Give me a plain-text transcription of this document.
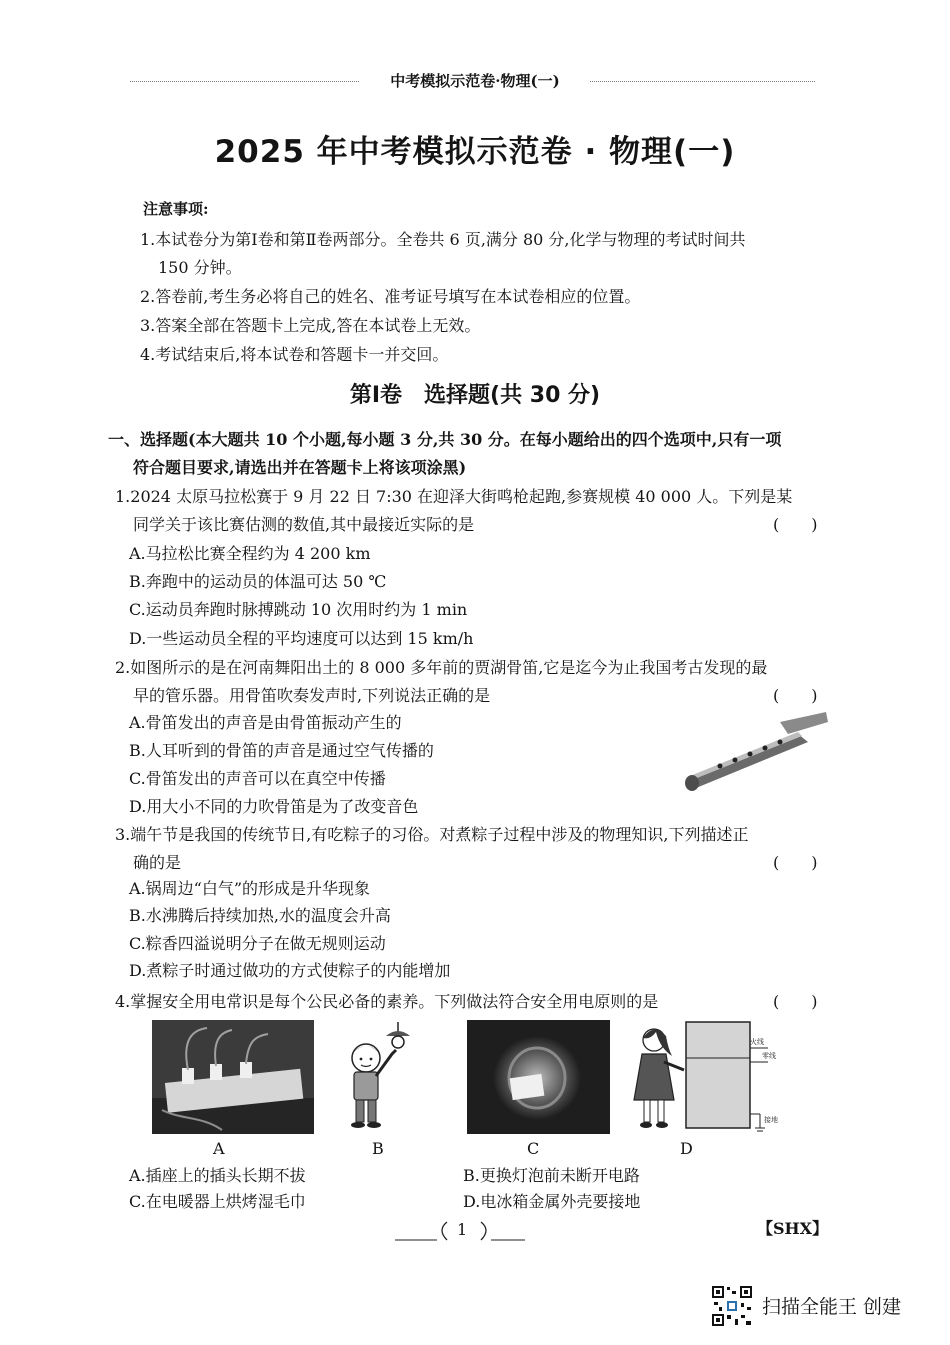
中考模拟示范卷·物理(一)
2025 年中考模拟示范卷 · 物理(一)
注意事项:
1.本试卷分为第Ⅰ卷和第Ⅱ卷两部分。全卷共 6 页,满分 80 分,化学与物理的考试时间共
150 分钟。
2.答卷前,考生务必将自己的姓名、准考证号填写在本试卷相应的位置。
3.答案全部在答题卡上完成,答在本试卷上无效。
4.考试结束后,将本试卷和答题卡一并交回。
第Ⅰ卷　选择题(共 30 分)
一、选择题(本大题共 10 个小题,每小题 3 分,共 30 分。在每小题给出的四个选项中,只有一项
符合题目要求,请选出并在答题卡上将该项涂黑)
1.2024 太原马拉松赛于 9 月 22 日 7:30 在迎泽大街鸣枪起跑,参赛规模 40 000 人。下列是某
同学关于该比赛估测的数值,其中最接近实际的是	(　　)
A.马拉松比赛全程约为 4 200 km
B.奔跑中的运动员的体温可达 50 ℃
C.运动员奔跑时脉搏跳动 10 次用时约为 1 min
D.一些运动员全程的平均速度可以达到 15 km/h
2.如图所示的是在河南舞阳出土的 8 000 多年前的贾湖骨笛,它是迄今为止我国考古发现的最
早的管乐器。用骨笛吹奏发声时,下列说法正确的是	(　　)
A.骨笛发出的声音是由骨笛振动产生的
B.人耳听到的骨笛的声音是通过空气传播的
C.骨笛发出的声音可以在真空中传播
D.用大小不同的力吹骨笛是为了改变音色
3.端午节是我国的传统节日,有吃粽子的习俗。对煮粽子过程中涉及的物理知识,下列描述正
确的是	(　　)
A.锅周边“白气”的形成是升华现象
B.水沸腾后持续加热,水的温度会升高
C.粽香四溢说明分子在做无规则运动
D.煮粽子时通过做功的方式使粽子的内能增加
4.掌握安全用电常识是每个公民必备的素养。下列做法符合安全用电原则的是	(　　)
A	B	C
火线
零线
接地
D
A.插座上的插头长期不拔	B.更换灯泡前未断开电路
C.在电暖器上烘烤湿毛巾	D.电冰箱金属外壳要接地
1	【SHX】
扫描全能王 创建
